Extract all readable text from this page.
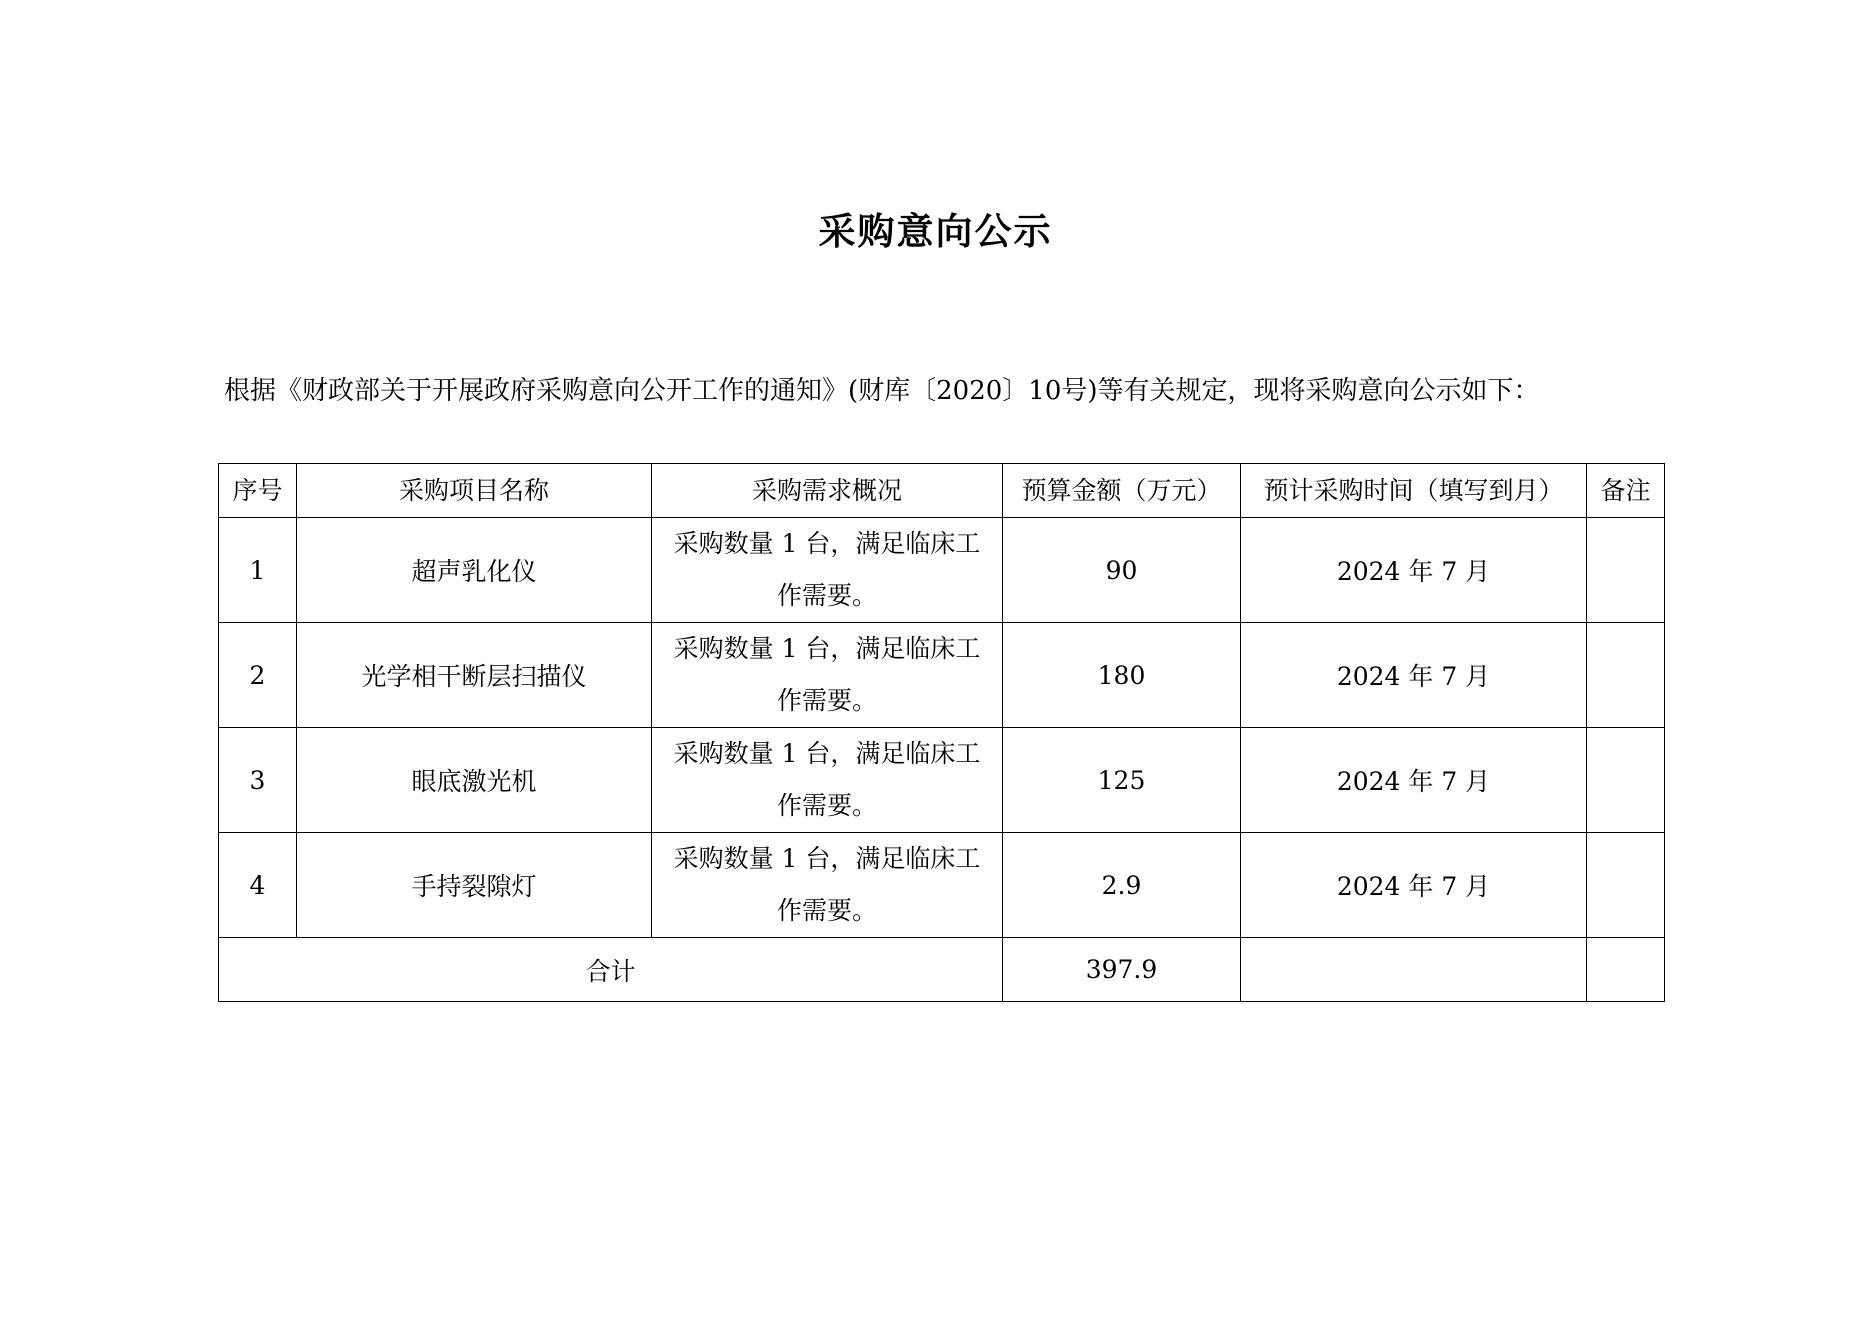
采购意向公示

根据《财政部关于开展政府采购意向公开工作的通知》(财库〔2020〕10号)等有关规定，现将采购意向公示如下：

序号	采购项目名称	采购需求概况	预算金额（万元）	预计采购时间（填写到月）	备注
1	超声乳化仪	采购数量 1 台，满足临床工作需要。	90	2024 年 7 月	
2	光学相干断层扫描仪	采购数量 1 台，满足临床工作需要。	180	2024 年 7 月	
3	眼底激光机	采购数量 1 台，满足临床工作需要。	125	2024 年 7 月	
4	手持裂隙灯	采购数量 1 台，满足临床工作需要。	2.9	2024 年 7 月	
合计			397.9		
